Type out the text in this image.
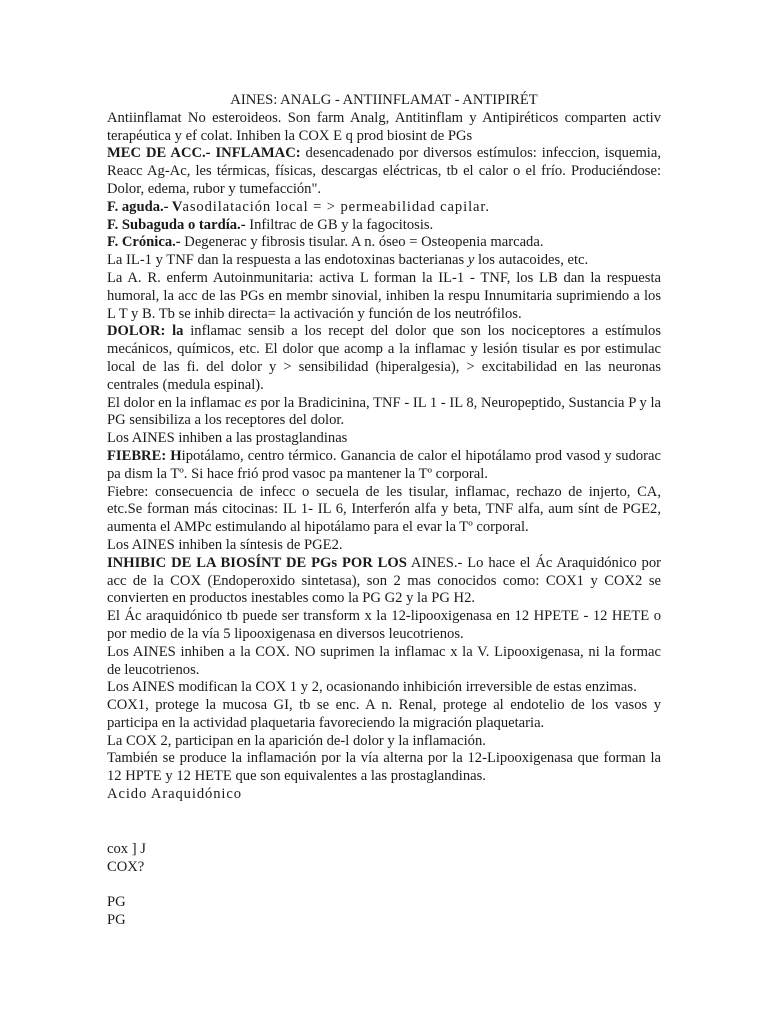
AINES: ANALG - ANTIINFLAMAT - ANTIPIRÉT

Antiinflamat No esteroideos. Son farm Analg, Antitinflam y Antipiréticos comparten activ terapéutica y ef colat. Inhiben la COX E q prod biosint de PGs

MEC DE ACC.- INFLAMAC: desencadenado por diversos estímulos: infeccion, isquemia, Reacc Ag-Ac, les térmicas, físicas, descargas eléctricas, tb el calor o el frío. Produciéndose: Dolor, edema, rubor y tumefacción".

F. aguda.- Vasodilatación local = > permeabilidad capilar.

F. Subaguda o tardía.- Infiltrac de GB y la fagocitosis.

F. Crónica.- Degenerac y fibrosis tisular. A n. óseo = Osteopenia marcada.

La IL-1 y TNF dan la respuesta a las endotoxinas bacterianas y los autacoides, etc.

La A. R. enferm Autoinmunitaria: activa L forman la IL-1 - TNF, los LB dan la respuesta humoral, la acc de las PGs en membr sinovial, inhiben la respu Innumitaria suprimiendo a los L T y B. Tb se inhib directa= la activación y función de los neutrófilos.

DOLOR: la inflamac sensib a los recept del dolor que son los nociceptores a estímulos mecánicos, químicos, etc. El dolor que acomp a la inflamac y lesión tisular es por estimulac local de las fi. del dolor y > sensibilidad (hiperalgesia), > excitabilidad en las neuronas centrales (medula espinal).

El dolor en la inflamac es por la Bradicinina, TNF - IL 1 - IL 8, Neuropeptido, Sustancia P y la PG sensibiliza a los receptores del dolor.

Los AINES inhiben a las prostaglandinas

FIEBRE: Hipotálamo, centro térmico. Ganancia de calor el hipotálamo prod vasod y sudorac pa dism la Tº. Si hace frió prod vasoc pa mantener la Tº corporal.

Fiebre: consecuencia de infecc o secuela de les tisular, inflamac, rechazo de injerto, CA, etc.Se forman más citocinas: IL 1- IL 6, Interferón alfa y beta, TNF alfa, aum sínt de PGE2, aumenta el AMPc estimulando al hipotálamo para el evar la Tº corporal.

Los AINES inhiben la síntesis de PGE2.

INHIBIC DE LA BIOSÍNT DE PGs POR LOS AINES.- Lo hace el Ác Araquidónico por acc de la COX (Endoperoxido sintetasa), son 2 mas conocidos como: COX1 y COX2 se convierten en productos inestables como la PG G2 y la PG H2.

El Ác araquidónico tb puede ser transform x la 12-lipooxigenasa en 12 HPETE - 12 HETE o por medio de la vía 5 lipooxigenasa en diversos leucotrienos.

Los AINES inhiben a la COX. NO suprimen la inflamac x la V. Lipooxigenasa, ni la formac de leucotrienos.

Los AINES modifican la COX 1 y 2, ocasionando inhibición irreversible de estas enzimas.

COX1, protege la mucosa GI, tb se enc. A n. Renal, protege al endotelio de los vasos y participa en la actividad plaquetaria favoreciendo la migración plaquetaria.

La COX 2, participan en la aparición de-l dolor y la inflamación.

También se produce la inflamación por la vía alterna por la 12-Lipooxigenasa que forman la 12 HPTE y 12 HETE que son equivalentes a las prostaglandinas.

Acido Araquidónico

cox ] J

COX?

PG

PG
